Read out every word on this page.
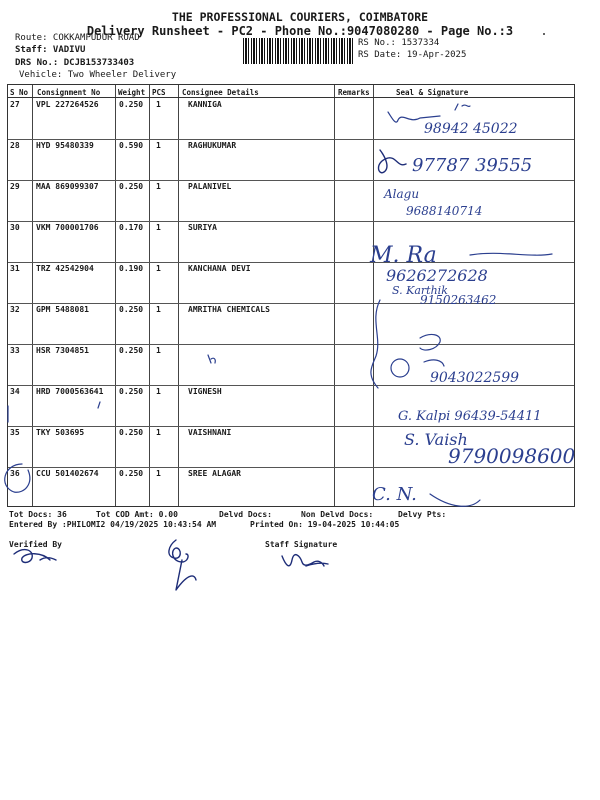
THE PROFESSIONAL COURIERS, COIMBATORE
Delivery Runsheet - PC2 - Phone No.:9047080280 - Page No.:3
Route: COKKAMPUDUR ROAD
Staff: VADIVU
DRS No.: DCJB153733403
Vehicle: Two Wheeler Delivery
RS No.: 1537334
RS Date: 19-Apr-2025
S No Consignment No Weight PCS Consignee Details	Remarks	Seal & Signature
27 VPL 227264526	0.250 1	KANNIGA
28 HYD 95480339	0.590 1	RAGHUKUMAR
29 MAA 869099307	0.250 1	PALANIVEL
30 VKM 700001706	0.170 1	SURIYA
31 TRZ 42542904	0.190 1	KANCHANA DEVI
32 GPM 5488081	0.250 1	AMRITHA CHEMICALS
33 HSR 7304851	0.250 1
34 HRD 7000563641 0.250 1	VIGNESH
35 TKY 503695	0.250 1	VAISHNANI
36 CCU 501402674	0.250 1	SREE ALAGAR
98942 45022
97787 39555
Alagu
9688140714
M. Ra
9626272628
S. Karthik
9150263462
9043022599
G. Kalpi 96439-54411
S. Vaish
9790098600
C. N.
Tot Docs: 36	Tot COD Amt: 0.00	Delvd Docs:	Non Delvd Docs:	Delvy Pts:
Entered By :PHILOMI2 04/19/2025 10:43:54 AM	Printed On: 19-04-2025 10:44:05
Verified By	Staff Signature
